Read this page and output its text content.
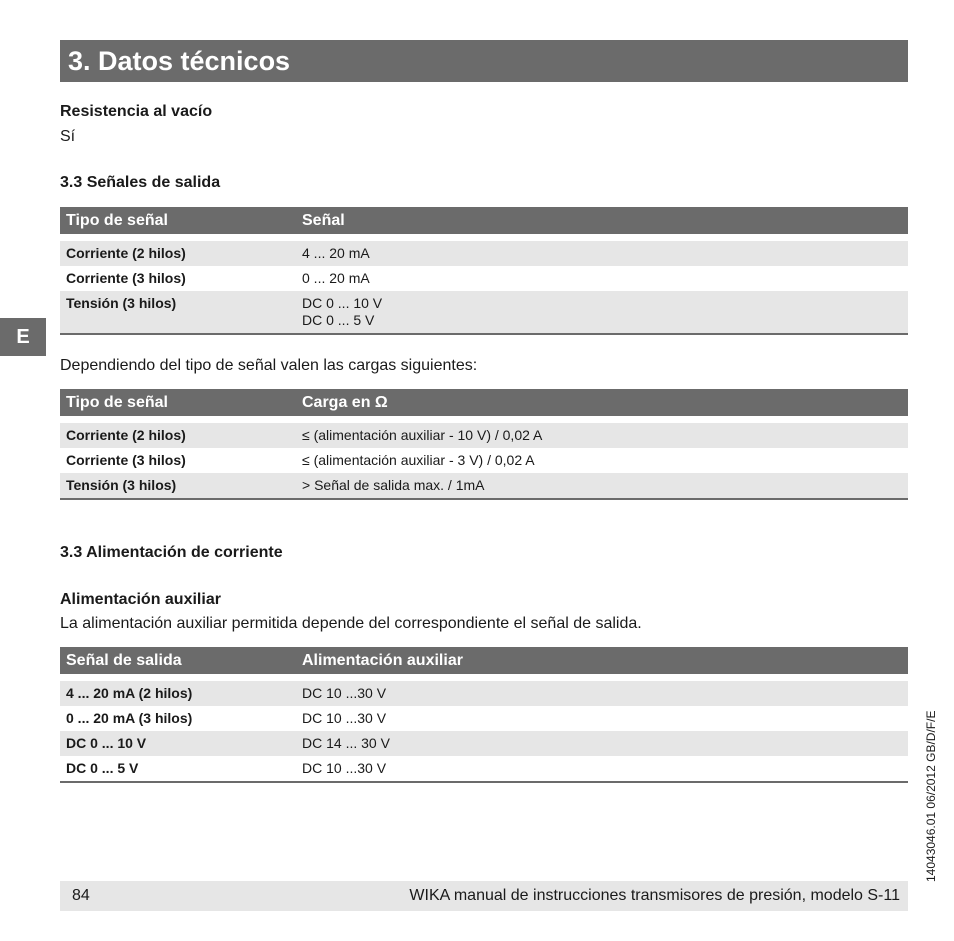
3. Datos técnicos
E
Resistencia al vacío
Sí
3.3 Señales de salida
Tipo de señal	Señal
Corriente (2 hilos)	4 ... 20 mA
Corriente (3 hilos)	0 ... 20 mA
Tensión (3 hilos)	DC 0 ... 10 V
DC 0 ... 5 V
Dependiendo del tipo de señal valen las cargas siguientes:
Tipo de señal	Carga en Ω
Corriente (2 hilos)	≤ (alimentación auxiliar - 10 V) / 0,02 A
Corriente (3 hilos)	≤ (alimentación auxiliar - 3 V) / 0,02 A
Tensión (3 hilos)	> Señal de salida max. / 1mA
3.3 Alimentación de corriente
Alimentación auxiliar
La alimentación auxiliar permitida depende del correspondiente el señal de salida.
Señal de salida	Alimentación auxiliar
4 ... 20 mA (2 hilos)	DC 10 ...30 V
0 ... 20 mA (3 hilos)	DC 10 ...30 V
DC 0 ... 10 V	DC 14 ... 30 V
DC 0 ... 5 V	DC 10 ...30 V	14043046.01 06/2012 GB/D/F/E
84	WIKA manual de instrucciones transmisores de presión, modelo S-11
